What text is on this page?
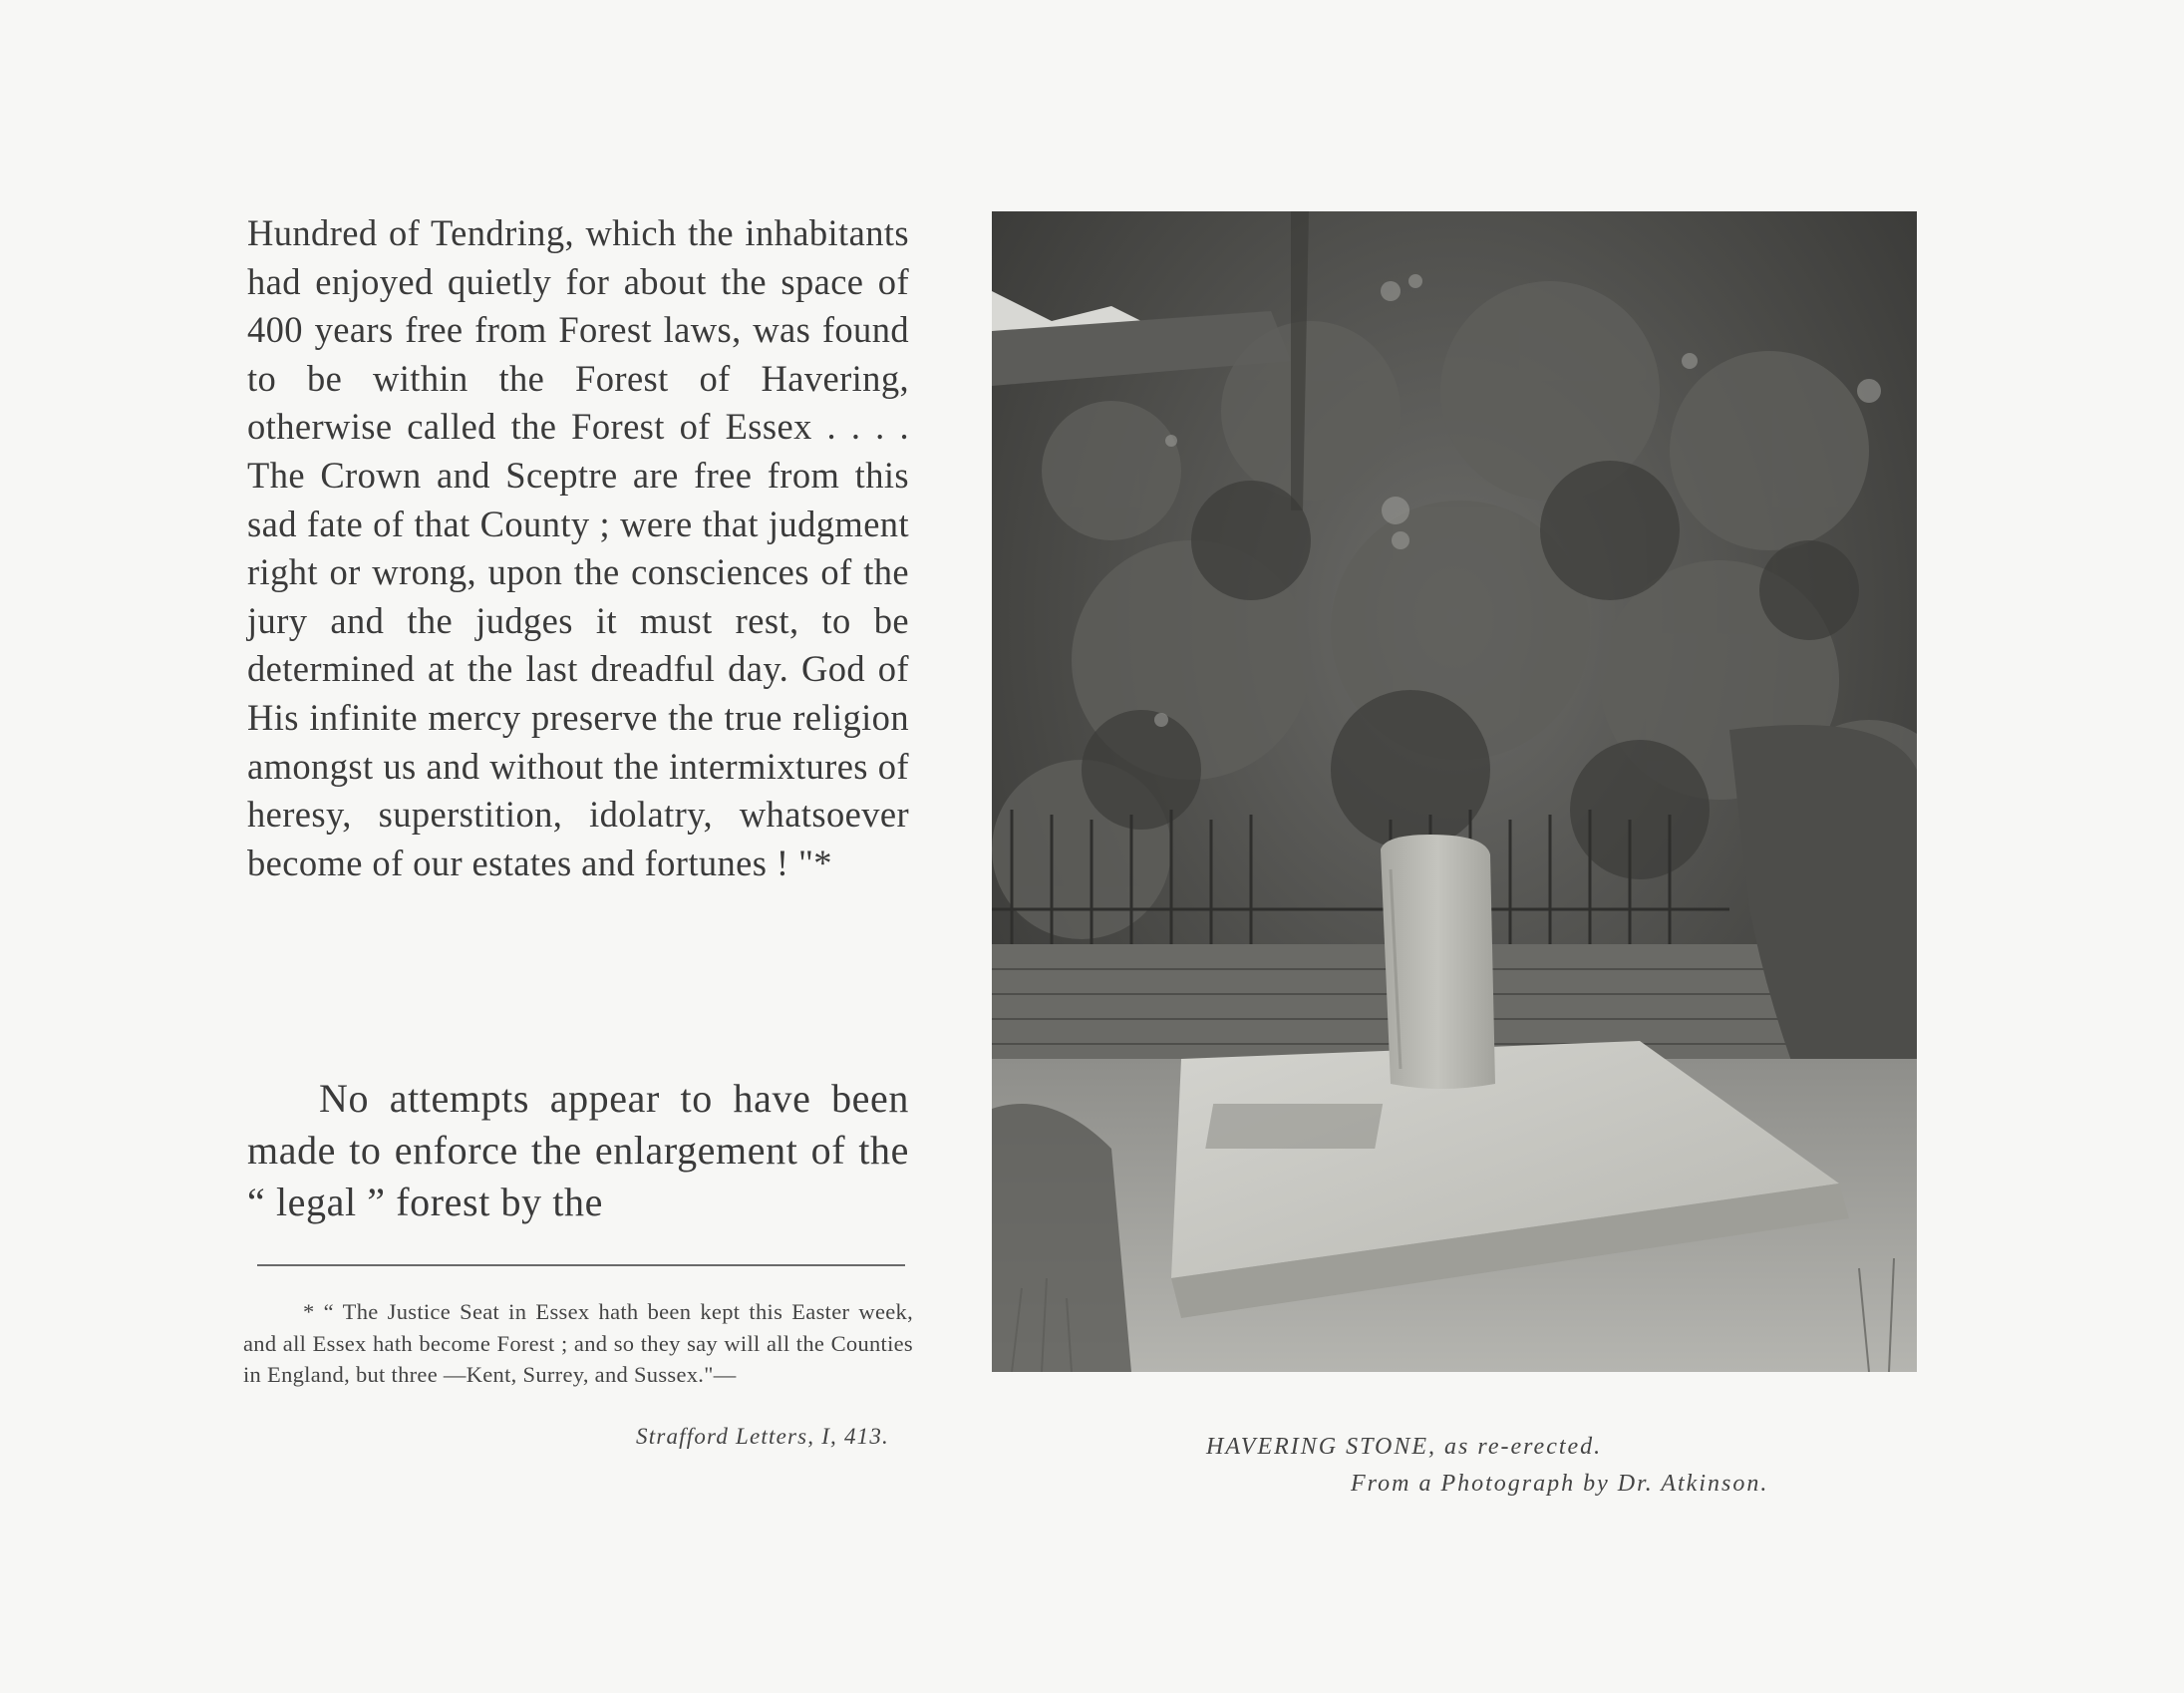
Hundred of Tendring, which the inhabitants had enjoyed quietly for about the space of 400 years free from Forest laws, was found to be within the Forest of Havering, otherwise called the Forest of Essex . . . . The Crown and Sceptre are free from this sad fate of that County ; were that judgment right or wrong, upon the consciences of the jury and the judges it must rest, to be determined at the last dreadful day. God of His infinite mercy preserve the true religion amongst us and without the intermixtures of heresy, superstition, idolatry, whatsoever become of our estates and fortunes ! "*

No attempts appear to have been made to enforce the enlargement of the “ legal ” forest by the
* “ The Justice Seat in Essex hath been kept this Easter week, and all Essex hath become Forest ; and so they say will all the Counties in England, but three —Kent, Surrey, and Sussex."—
Strafford Letters, I, 413.	HAVERING STONE, as re-erected.
From a Photograph by Dr. Atkinson.
